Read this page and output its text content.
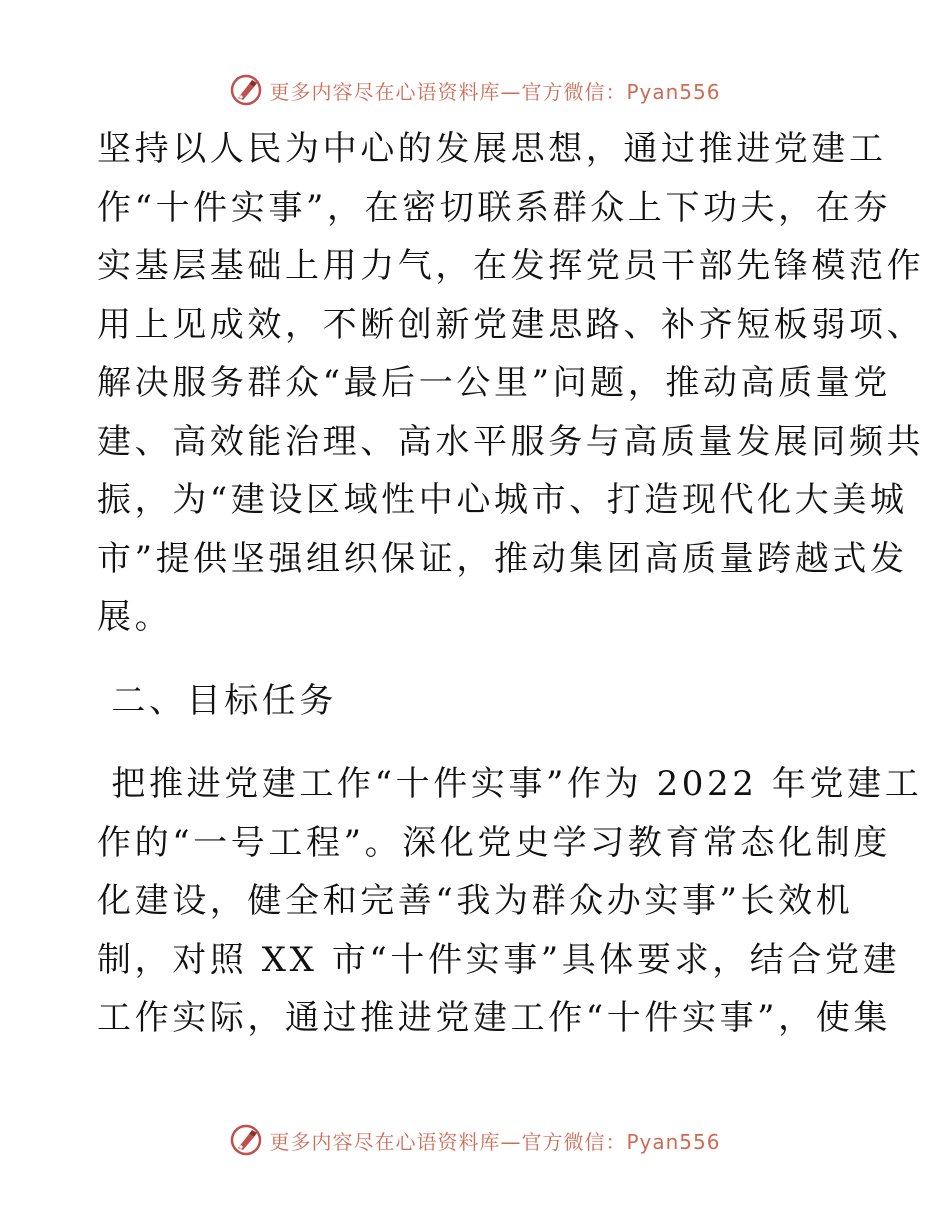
更多内容尽在心语资料库—官方微信：Pyan556
坚持以人民为中心的发展思想，通过推进党建工
作“十件实事”，在密切联系群众上下功夫，在夯
实基层基础上用力气，在发挥党员干部先锋模范作
用上见成效，不断创新党建思路、补齐短板弱项、
解决服务群众“最后一公里”问题，推动高质量党
建、高效能治理、高水平服务与高质量发展同频共
振，为“建设区域性中心城市、打造现代化大美城
市”提供坚强组织保证，推动集团高质量跨越式发
展。
二、目标任务
把推进党建工作“十件实事”作为 2022 年党建工
作的“一号工程”。深化党史学习教育常态化制度
化建设，健全和完善“我为群众办实事”长效机
制，对照 XX 市“十件实事”具体要求，结合党建
工作实际，通过推进党建工作“十件实事”，使集
更多内容尽在心语资料库—官方微信：Pyan556
